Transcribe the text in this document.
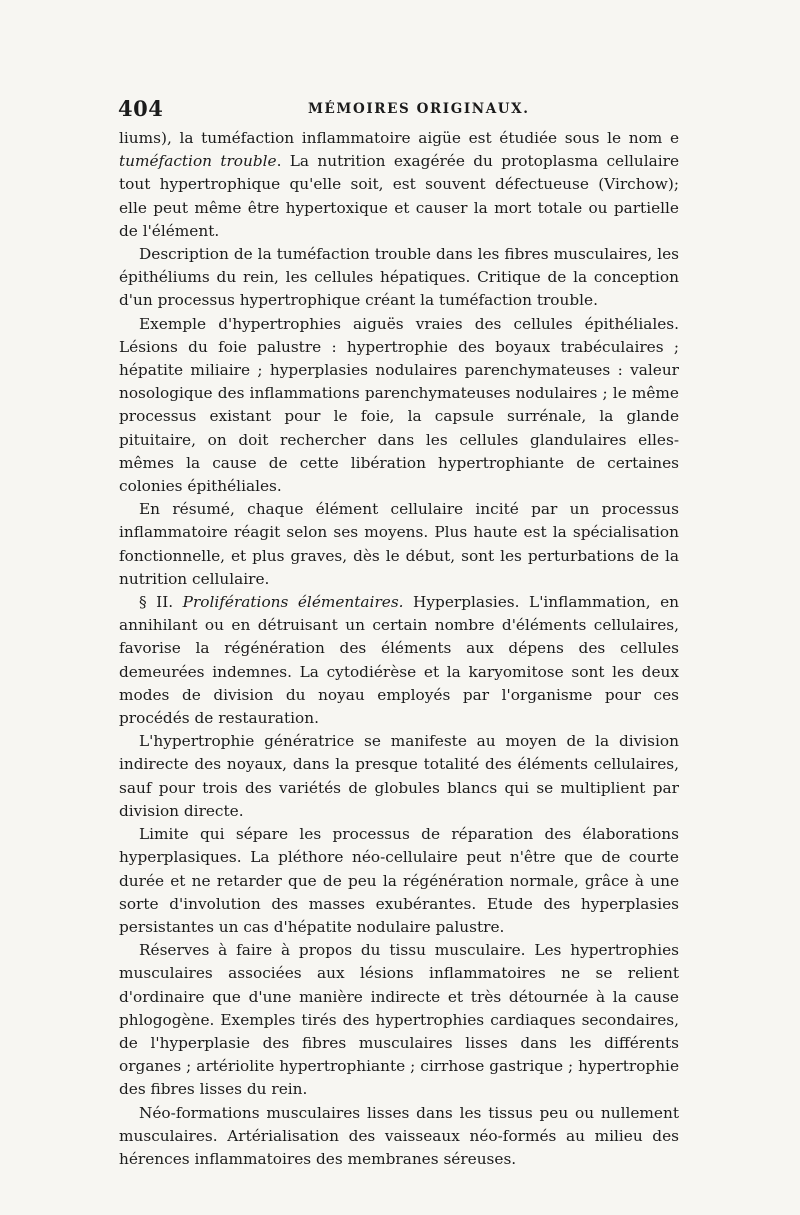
404	MÉMOIRES ORIGINAUX.

liums), la tuméfaction inflammatoire aigüe est étudiée sous le nom e tuméfaction trouble. La nutrition exagérée du protoplasma cellulaire tout hypertrophique qu'elle soit, est souvent défectueuse (Virchow); elle peut même être hypertoxique et causer la mort totale ou partielle de l'élément.

Description de la tuméfaction trouble dans les fibres musculaires, les épithéliums du rein, les cellules hépatiques. Critique de la conception d'un processus hypertrophique créant la tuméfaction trouble.

Exemple d'hypertrophies aiguës vraies des cellules épithéliales. Lésions du foie palustre : hypertrophie des boyaux trabéculaires ; hépatite miliaire ; hyperplasies nodulaires parenchymateuses : valeur nosologique des inflammations parenchymateuses nodulaires ; le même processus existant pour le foie, la capsule surrénale, la glande pituitaire, on doit rechercher dans les cellules glandulaires elles-mêmes la cause de cette libération hypertrophiante de certaines colonies épithéliales.

En résumé, chaque élément cellulaire incité par un processus inflammatoire réagit selon ses moyens. Plus haute est la spécialisation fonctionnelle, et plus graves, dès le début, sont les perturbations de la nutrition cellulaire.

§ II. Proliférations élémentaires. Hyperplasies. L'inflammation, en annihilant ou en détruisant un certain nombre d'éléments cellulaires, favorise la régénération des éléments aux dépens des cellules demeurées indemnes. La cytodiérèse et la karyomitose sont les deux modes de division du noyau employés par l'organisme pour ces procédés de restauration.

L'hypertrophie génératrice se manifeste au moyen de la division indirecte des noyaux, dans la presque totalité des éléments cellulaires, sauf pour trois des variétés de globules blancs qui se multiplient par division directe.

Limite qui sépare les processus de réparation des élaborations hyperplasiques. La pléthore néo-cellulaire peut n'être que de courte durée et ne retarder que de peu la régénération normale, grâce à une sorte d'involution des masses exubérantes. Etude des hyperplasies persistantes un cas d'hépatite nodulaire palustre.

Réserves à faire à propos du tissu musculaire. Les hypertrophies musculaires associées aux lésions inflammatoires ne se relient d'ordinaire que d'une manière indirecte et très détournée à la cause phlogogène. Exemples tirés des hypertrophies cardiaques secondaires, de l'hyperplasie des fibres musculaires lisses dans les différents organes ; artériolite hypertrophiante ; cirrhose gastrique ; hypertrophie des fibres lisses du rein.

Néo-formations musculaires lisses dans les tissus peu ou nullement musculaires. Artérialisation des vaisseaux néo-formés au milieu des hérences inflammatoires des membranes séreuses.
